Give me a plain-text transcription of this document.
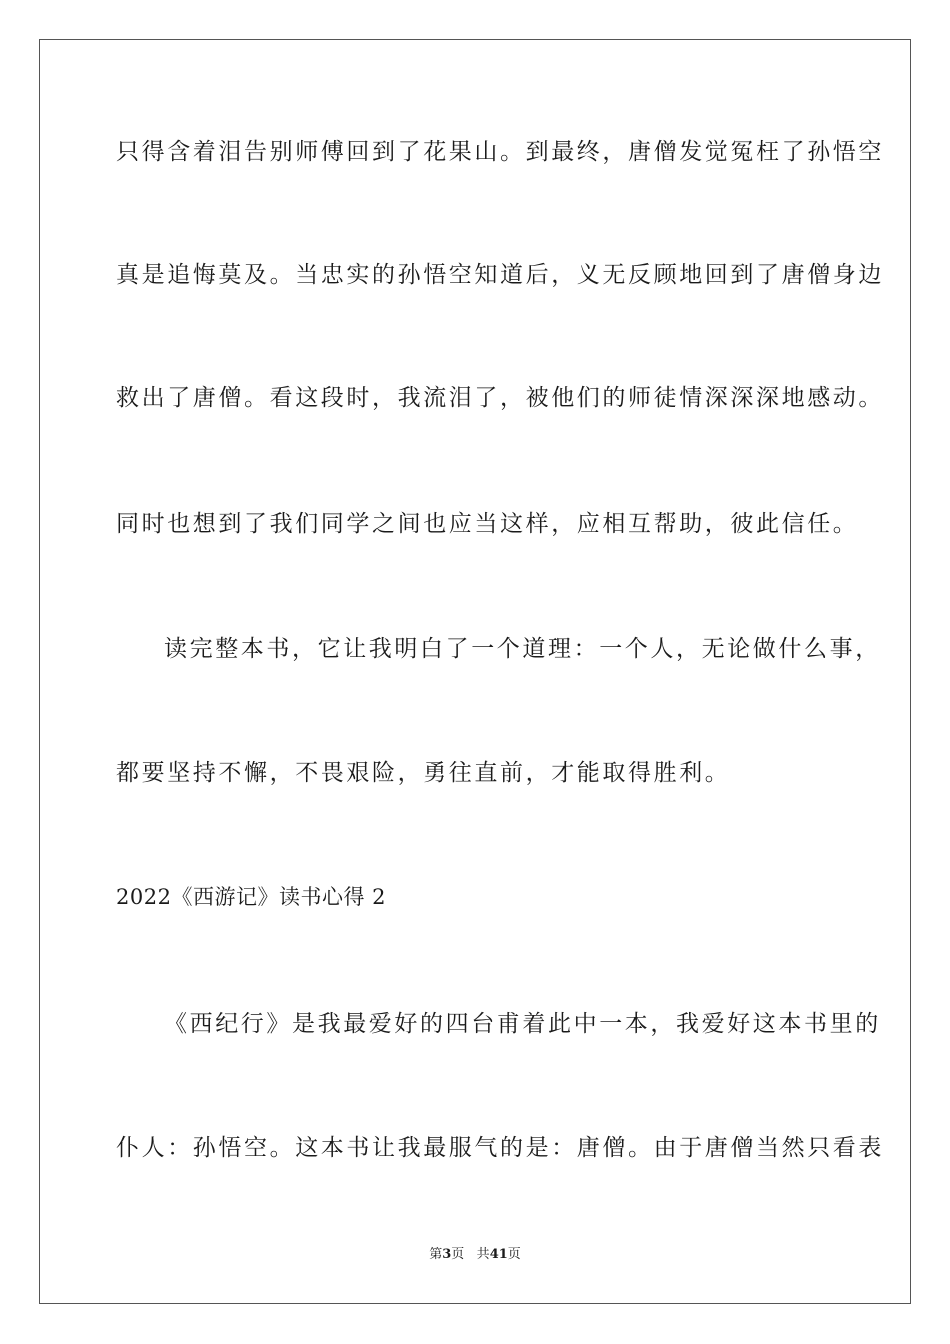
只得含着泪告别师傅回到了花果山。到最终，唐僧发觉冤枉了孙悟空
真是追悔莫及。当忠实的孙悟空知道后，义无反顾地回到了唐僧身边
救出了唐僧。看这段时，我流泪了，被他们的师徒情深深深地感动。
同时也想到了我们同学之间也应当这样，应相互帮助，彼此信任。
读完整本书，它让我明白了一个道理：一个人，无论做什么事，
都要坚持不懈，不畏艰险，勇往直前，才能取得胜利。
2022《西游记》读书心得 2
《西纪行》是我最爱好的四台甫着此中一本，我爱好这本书里的
仆人：孙悟空。这本书让我最服气的是：唐僧。由于唐僧当然只看表
第3页 共41页
